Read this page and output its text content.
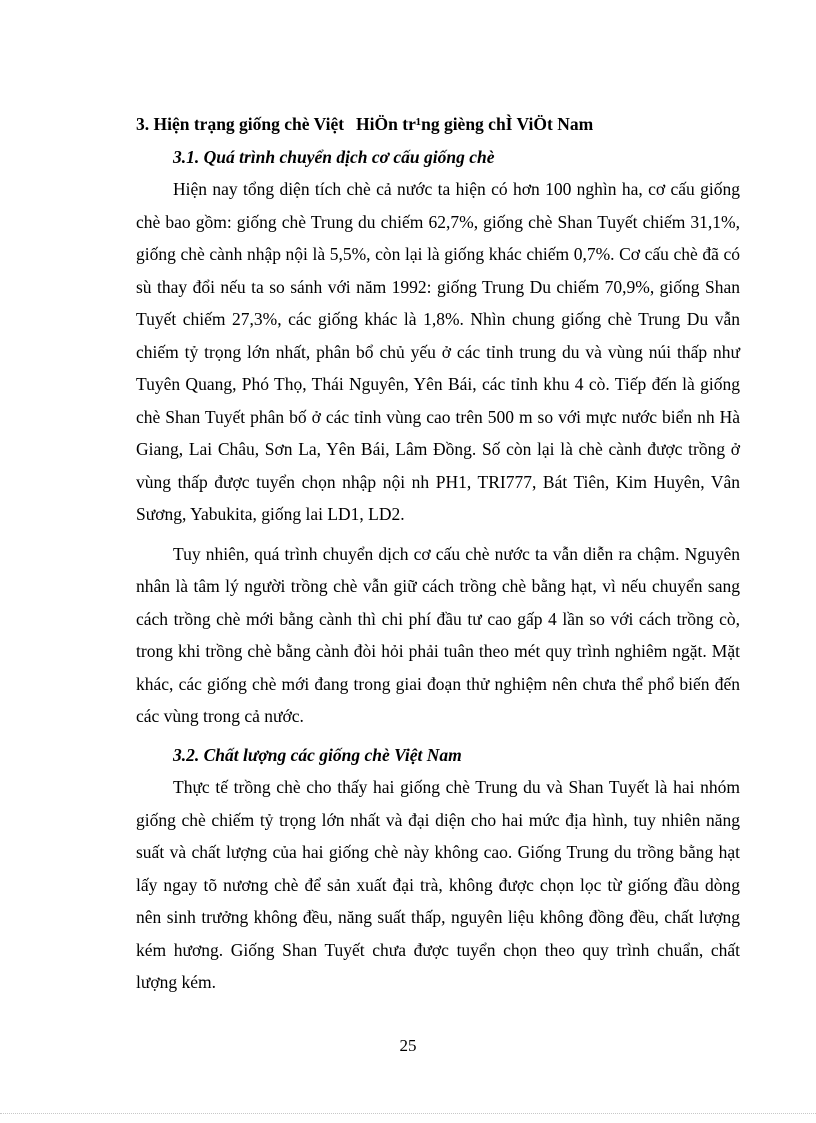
3. Hiện trạng giống chè Việt HiÖn tr¹ng gièng chÌ ViÖt Nam

3.1. Quá trình chuyển dịch cơ cấu giống chè

Hiện nay tổng diện tích chè cả nước ta hiện có hơn 100 nghìn ha, cơ cấu giống chè bao gồm: giống chè Trung du chiếm 62,7%, giống chè Shan Tuyết chiếm 31,1%, giống chè cành nhập nội là 5,5%, còn lại là giống khác chiếm 0,7%. Cơ cấu chè đã có sù thay đổi nếu ta so sánh với năm 1992: giống Trung Du chiếm 70,9%, giống Shan Tuyết chiếm 27,3%, các giống khác là 1,8%. Nhìn chung giống chè Trung Du vẫn chiếm tỷ trọng lớn nhất, phân bổ chủ yếu ở các tỉnh trung du và vùng núi thấp như Tuyên Quang, Phó Thọ, Thái Nguyên, Yên Bái, các tỉnh khu 4 cò. Tiếp đến là giống chè Shan Tuyết phân bố ở các tỉnh vùng cao trên 500 m so với mực nước biển nh Hà Giang, Lai Châu, Sơn La, Yên Bái, Lâm Đồng. Số còn lại là chè cành được trồng ở vùng thấp được tuyển chọn nhập nội nh PH1, TRI777, Bát Tiên, Kim Huyên, Vân Sương, Yabukita, giống lai LD1, LD2.

Tuy nhiên, quá trình chuyển dịch cơ cấu chè nước ta vẫn diễn ra chậm. Nguyên nhân là tâm lý người trồng chè vẫn giữ cách trồng chè bằng hạt, vì nếu chuyển sang cách trồng chè mới bằng cành thì chi phí đầu tư cao gấp 4 lần so với cách trồng cò, trong khi trồng chè bằng cành đòi hỏi phải tuân theo mét quy trình nghiêm ngặt. Mặt khác, các giống chè mới đang trong giai đoạn thử nghiệm nên chưa thể phổ biến đến các vùng trong cả nước.

3.2. Chất lượng các giống chè Việt Nam

Thực tế trồng chè cho thấy hai giống chè Trung du và Shan Tuyết là hai nhóm giống chè chiếm tỷ trọng lớn nhất và đại diện cho hai mức địa hình, tuy nhiên năng suất và chất lượng của hai giống chè này không cao. Giống Trung du trồng bằng hạt lấy ngay tõ nương chè để sản xuất đại trà, không được chọn lọc từ giống đầu dòng nên sinh trưởng không đều, năng suất thấp, nguyên liệu không đồng đều, chất lượng kém hương. Giống Shan Tuyết chưa được tuyển chọn theo quy trình chuẩn, chất lượng kém.

25
